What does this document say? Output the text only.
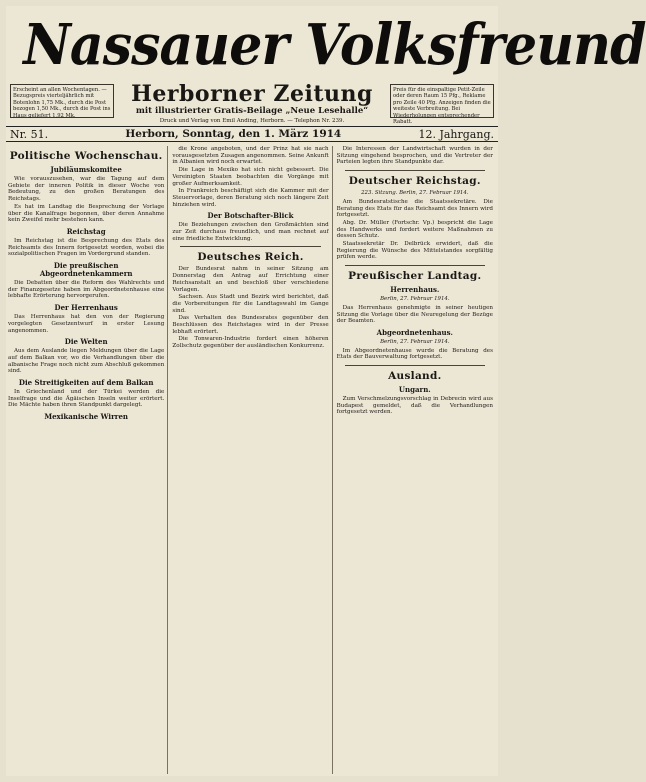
Nassauer Volksfreund
Erscheint an allen Wochentagen. — Bezugspreis vierteljährlich mit Botenlohn 1,75 Mk., durch die Post bezogen 1,50 Mk., durch die Post ins Haus geliefert 1,92 Mk.
Herborner Zeitung
mit illustrierter Gratis-Beilage „Neue Lesehalle“
Druck und Verlag von Emil Anding, Herborn. — Telephon Nr. 239.
Preis für die einspaltige Petit-Zeile oder deren Raum 15 Pfg., Reklame pro Zeile 40 Pfg. Anzeigen finden die weiteste Verbreitung. Bei Wiederholungen entsprechender Rabatt.
Nr. 51.	Herborn, Sonntag, den 1. März 1914	12. Jahrgang.
Politische Wochenschau.
Jubiläumskomitee

Wie vorauszusehen, war die Tagung auf dem Gebiete der inneren Politik in dieser Woche von Bedeutung, zu den großen Beratungen des Reichstags.

Es hat im Landtag die Besprechung der Vorlage über die Kanalfrage begonnen, über deren Annahme kein Zweifel mehr bestehen kann.

Reichstag

Im Reichstag ist die Besprechung des Etats des Reichsamts des Innern fortgesetzt worden, wobei die sozialpolitischen Fragen im Vordergrund standen.

Die preußischen Abgeordnetenkammern

Die Debatten über die Reform des Wahlrechts und der Finanzgesetze haben im Abgeordnetenhause eine lebhafte Erörterung hervorgerufen.

Der Herrenhaus

Das Herrenhaus hat den von der Regierung vorgelegten Gesetzentwurf in erster Lesung angenommen.

Die Welten

Aus dem Auslande liegen Meldungen über die Lage auf dem Balkan vor, wo die Verhandlungen über die albanische Frage noch nicht zum Abschluß gekommen sind.

Die Streitigkeiten auf dem Balkan

In Griechenland und der Türkei werden die Inselfrage und die Ägäischen Inseln weiter erörtert. Die Mächte haben ihren Standpunkt dargelegt.

Mexikanische Wirren

die Krone angeboten, und der Prinz hat sie nach vorausgesetzten Zusagen angenommen. Seine Ankunft in Albanien wird noch erwartet.

Die Lage in Mexiko hat sich nicht gebessert. Die Vereinigten Staaten beobachten die Vorgänge mit großer Aufmerksamkeit.

In Frankreich beschäftigt sich die Kammer mit der Steuervorlage, deren Beratung sich noch längere Zeit hinziehen wird.

Der Botschafter-Blick

Die Beziehungen zwischen den Großmächten sind zur Zeit durchaus freundlich, und man rechnet auf eine friedliche Entwicklung.

Deutsches Reich.

Der Bundesrat nahm in seiner Sitzung am Donnerstag den Antrag auf Errichtung einer Reichsanstalt an und beschloß über verschiedene Vorlagen.

Sachsen. Aus Stadt und Bezirk wird berichtet, daß die Vorbereitungen für die Landtagswahl im Gange sind.

Das Verhalten des Bundesrates gegenüber den Beschlüssen des Reichstages wird in der Presse lebhaft erörtert.

Die Tonwaren-Industrie fordert einen höheren Zollschutz gegenüber der ausländischen Konkurrenz.

Die Interessen der Landwirtschaft wurden in der Sitzung eingehend besprochen, und die Vertreter der Parteien legten ihre Standpunkte dar.

Deutscher Reichstag.
223. Sitzung. Berlin, 27. Februar 1914.

Am Bundesratstische die Staatssekretäre. Die Beratung des Etats für das Reichsamt des Innern wird fortgesetzt.

Abg. Dr. Müller (Fortschr. Vp.) bespricht die Lage des Handwerks und fordert weitere Maßnahmen zu dessen Schutz.

Staatssekretär Dr. Delbrück erwidert, daß die Regierung die Wünsche des Mittelstandes sorgfältig prüfen werde.

Preußischer Landtag.
Herrenhaus.
Berlin, 27. Februar 1914.

Das Herrenhaus genehmigte in seiner heutigen Sitzung die Vorlage über die Neuregelung der Bezüge der Beamten.

Abgeordnetenhaus.
Berlin, 27. Februar 1914.

Im Abgeordnetenhause wurde die Beratung des Etats der Bauverwaltung fortgesetzt.

Ausland.
Ungarn.

Zum Verschmelzungsvorschlag in Debrecin wird aus Budapest gemeldet, daß die Verhandlungen fortgesetzt werden.
